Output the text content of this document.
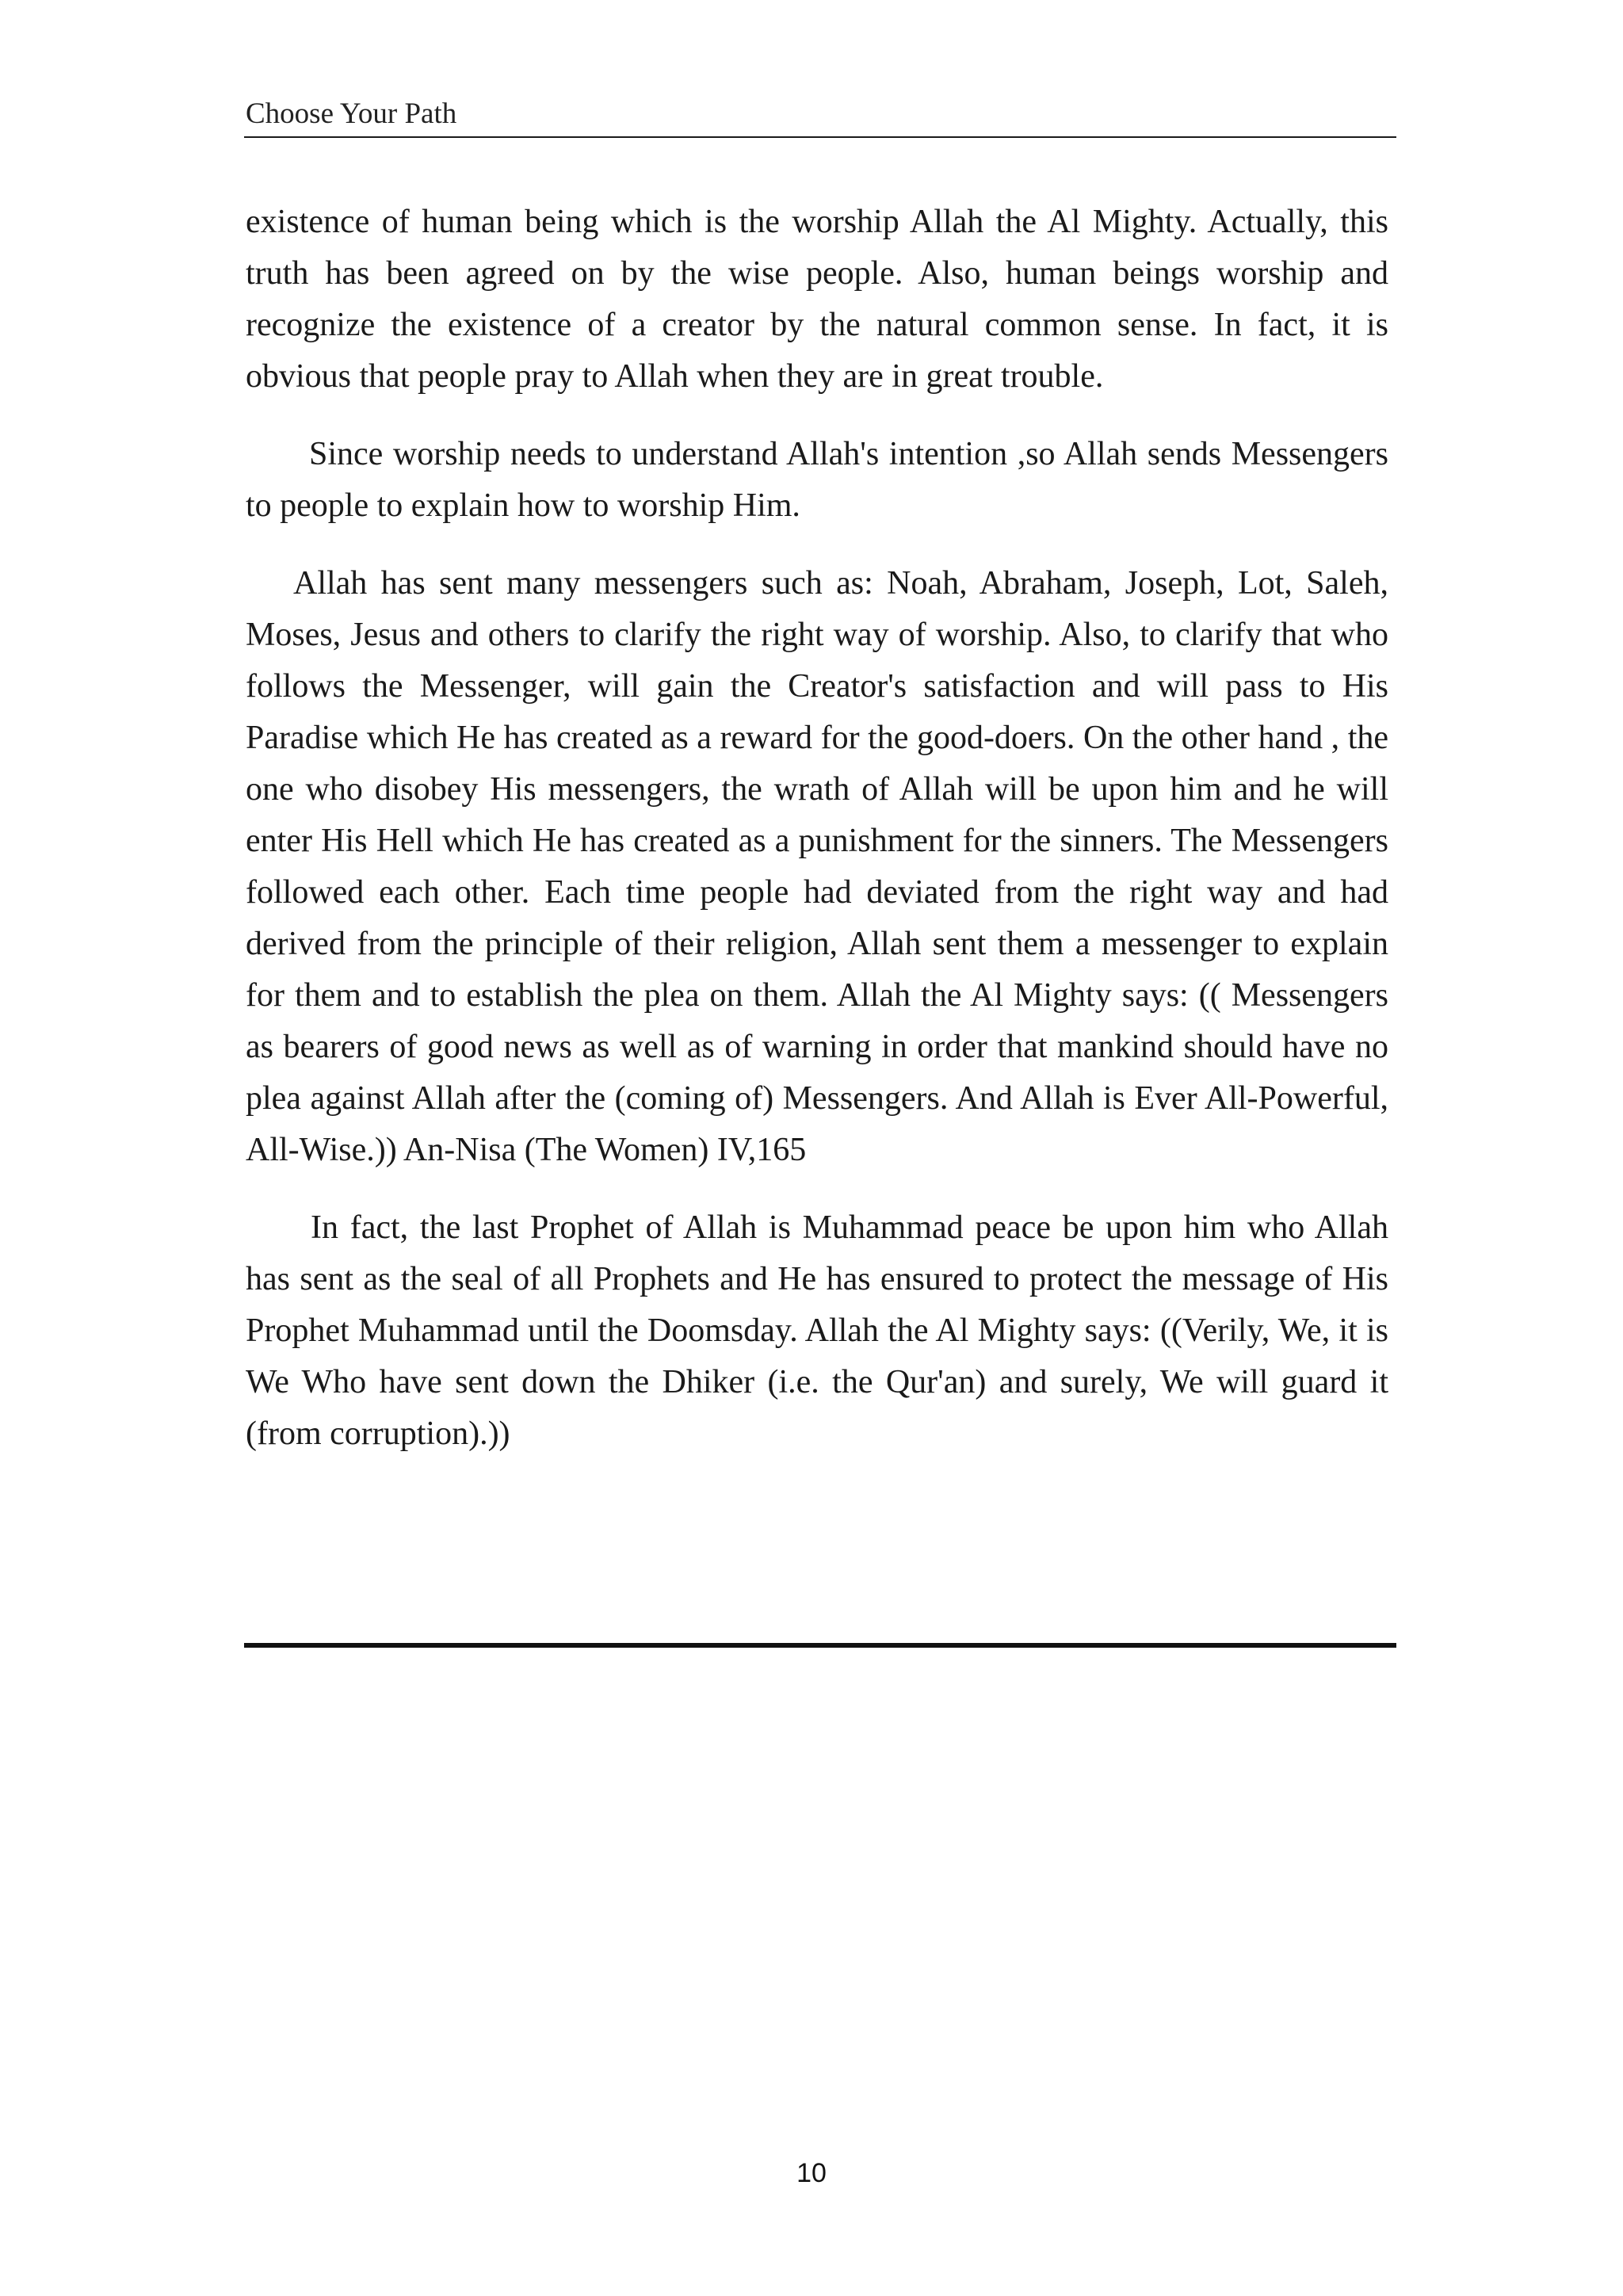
Choose Your Path

existence of human being which is the worship Allah the Al Mighty. Actually, this truth has been agreed on by the wise people. Also, human beings worship and recognize the existence of a creator by the natural common sense. In fact, it is obvious that people pray to Allah when they are in great trouble.

Since worship needs to understand Allah's intention ,so Allah sends Messengers to people to explain how to worship Him.

Allah has sent many messengers such as: Noah, Abraham, Joseph, Lot, Saleh, Moses, Jesus and others to clarify the right way of worship. Also, to clarify that who follows the Messenger, will gain the Creator's satisfaction and will pass to His Paradise which He has created as a reward for the good-doers. On the other hand , the one who disobey His messengers, the wrath of Allah will be upon him and he will enter His Hell which He has created as a punishment for the sinners. The Messengers followed each other. Each time people had deviated from the right way and had derived from the principle of their religion, Allah sent them a messenger to explain for them and to establish the plea on them. Allah the Al Mighty says: (( Messengers as bearers of good news as well as of warning in order that mankind should have no plea against Allah after the (coming of) Messengers. And Allah is Ever All-Powerful, All-Wise.)) An-Nisa (The Women) IV,165

In fact, the last Prophet of Allah is Muhammad peace be upon him who Allah has sent as the seal of all Prophets and He has ensured to protect the message of His Prophet Muhammad until the Doomsday. Allah the Al Mighty says: ((Verily, We, it is We Who have sent down the Dhiker (i.e. the Qur'an) and surely, We will guard it (from corruption).))

10
